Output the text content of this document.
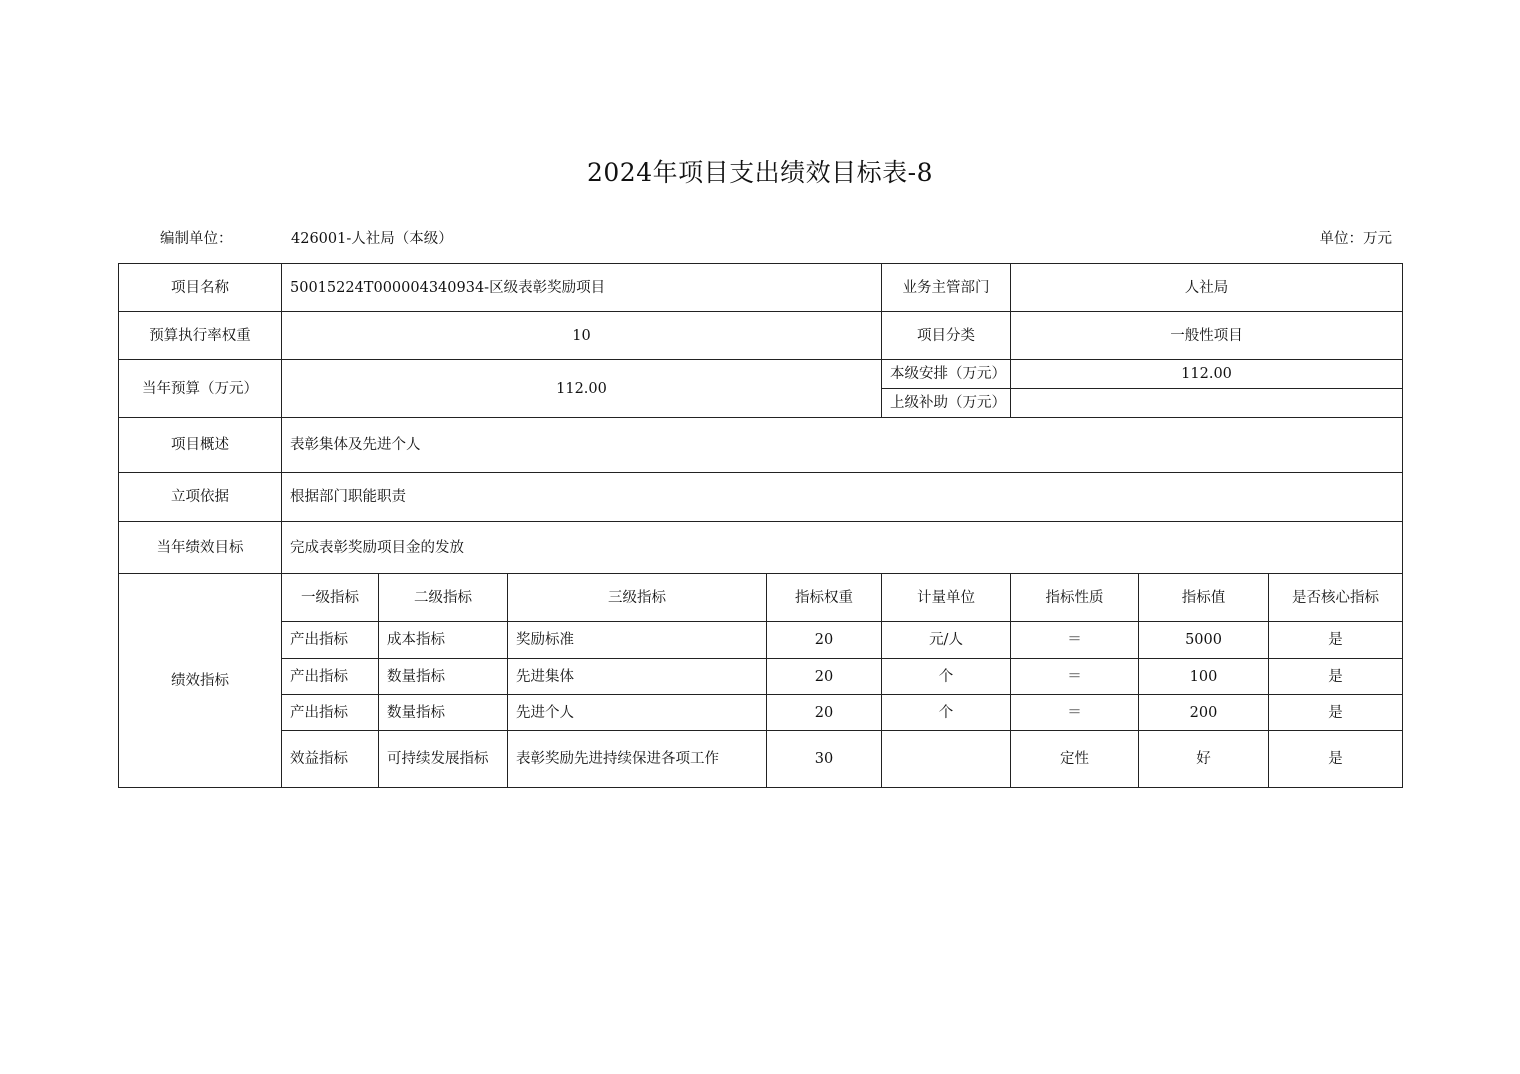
2024年项目支出绩效目标表-8
编制单位：	426001-人社局（本级）	单位：万元
项目名称	50015224T000004340934-区级表彰奖励项目				业务主管部门	人社局		
预算执行率权重	10				项目分类	一般性项目		
当年预算（万元）	112.00				本级安排（万元）	112.00		
					上级补助（万元）			
项目概述	表彰集体及先进个人							
立项依据	根据部门职能职责							
当年绩效目标	完成表彰奖励项目金的发放							
绩效指标	一级指标	二级指标	三级指标	指标权重	计量单位	指标性质	指标值	是否核心指标
	产出指标	成本指标	奖励标准	20	元/人	＝	5000	是
	产出指标	数量指标	先进集体	20	个	＝	100	是
	产出指标	数量指标	先进个人	20	个	＝	200	是
	效益指标	可持续发展指标	表彰奖励先进持续保进各项工作	30		定性	好	是
